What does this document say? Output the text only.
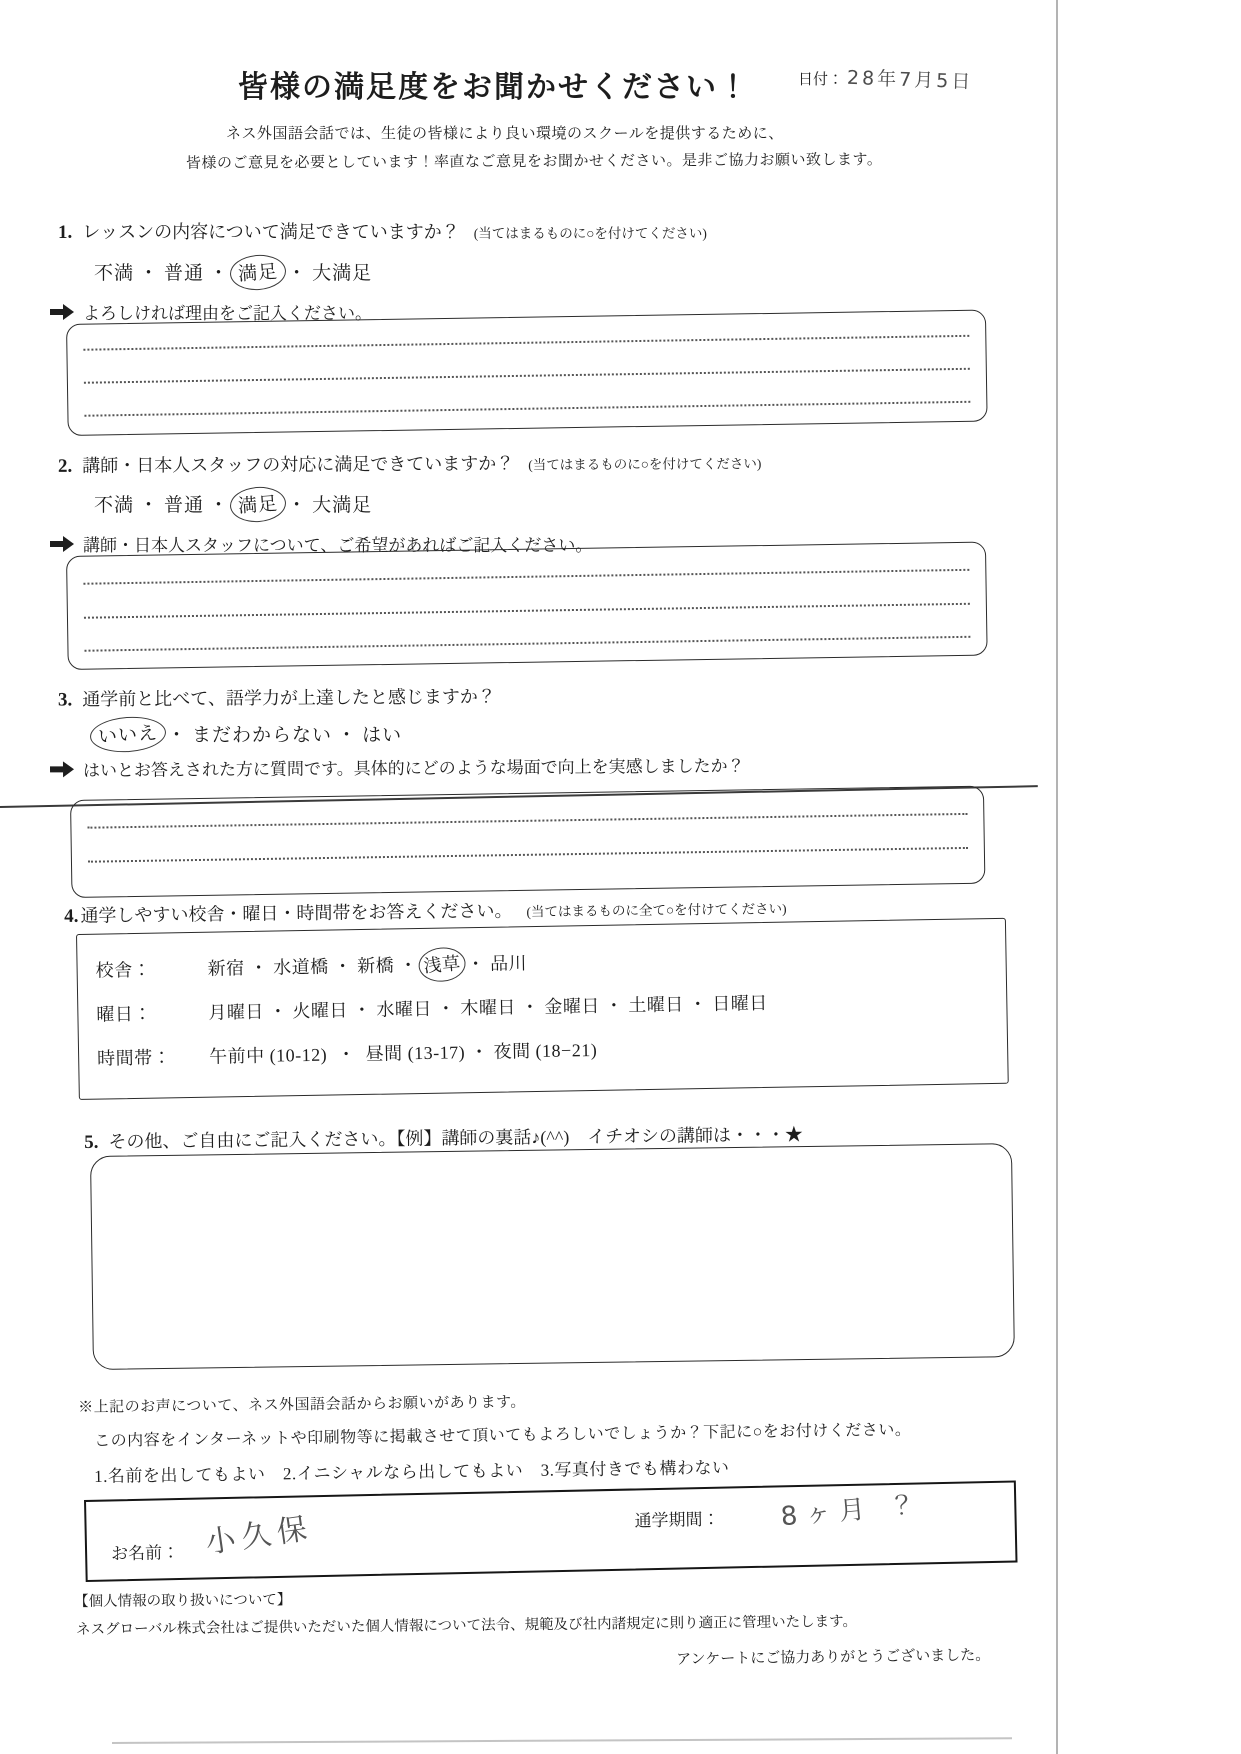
皆様の満足度をお聞かせください！	日付： 28年7月5日
ネス外国語会話では、生徒の皆様により良い環境のスクールを提供するために、
皆様のご意見を必要としています！率直なご意見をお聞かせください。是非ご協力お願い致します。
1. レッスンの内容について満足できていますか？ (当てはまるものに○を付けてください)
不満 ・ 普通 ・ 満足 ・ 大満足
よろしければ理由をご記入ください。
2. 講師・日本人スタッフの対応に満足できていますか？ (当てはまるものに○を付けてください)
不満 ・ 普通 ・ 満足 ・ 大満足
講師・日本人スタッフについて、ご希望があればご記入ください。
3. 通学前と比べて、語学力が上達したと感じますか？
いいえ ・ まだわからない ・ はい
はいとお答えされた方に質問です。具体的にどのような場面で向上を実感しましたか？
4. 通学しやすい校舎・曜日・時間帯をお答えください。 (当てはまるものに全て○を付けてください)
校舎：	新宿 ・ 水道橋 ・ 新橋 ・ 浅草 ・ 品川
曜日：	月曜日 ・ 火曜日 ・ 水曜日 ・ 木曜日 ・ 金曜日 ・ 土曜日 ・ 日曜日
時間帯： 午前中 (10-12) ・ 昼間 (13-17) ・ 夜間 (18−21)
5. その他、ご自由にご記入ください。【例】講師の裏話♪(^^)　イチオシの講師は・・・★
※上記のお声について、ネス外国語会話からお願いがあります。
この内容をインターネットや印刷物等に掲載させて頂いてもよろしいでしょうか？下記に○をお付けください。
1.名前を出してもよい　2.イニシャルなら出してもよい　3.写真付きでも構わない
お名前： 小久保	通学期間： 8ヶ月 ？
【個人情報の取り扱いについて】
ネスグローバル株式会社はご提供いただいた個人情報について法令、規範及び社内諸規定に則り適正に管理いたします。
アンケートにご協力ありがとうございました。
